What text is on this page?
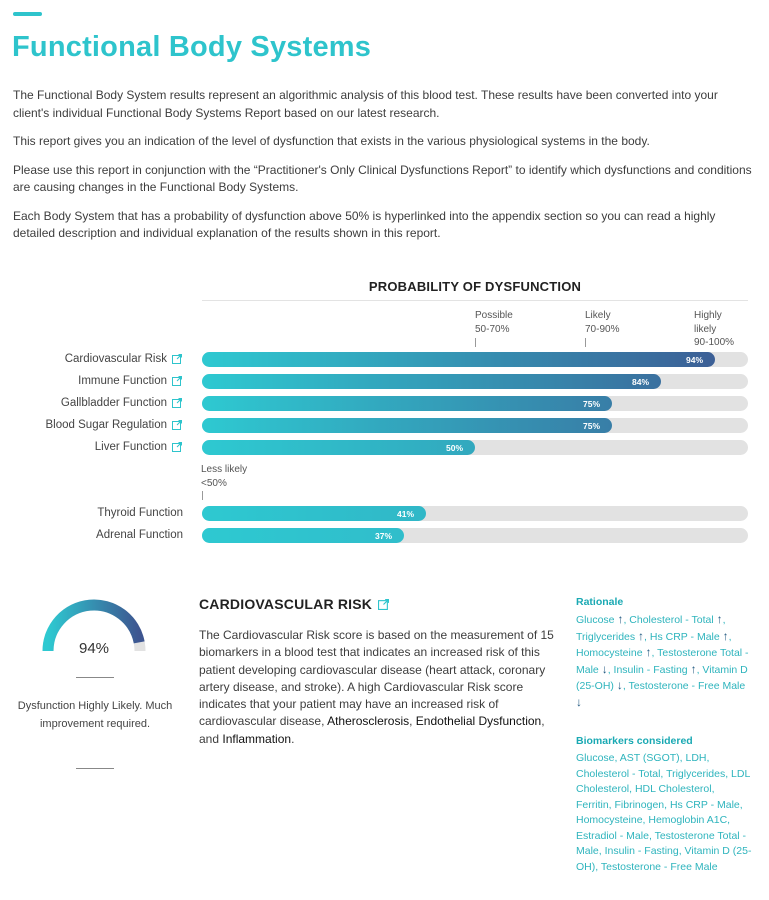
Functional Body Systems

The Functional Body System results represent an algorithmic analysis of this blood test. These results have been converted into your client's individual Functional Body Systems Report based on our latest research.

This report gives you an indication of the level of dysfunction that exists in the various physiological systems in the body.

Please use this report in conjunction with the “Practitioner's Only Clinical Dysfunctions Report” to identify which dysfunctions and conditions are causing changes in the Functional Body Systems.

Each Body System that has a probability of dysfunction above 50% is hyperlinked into the appendix section so you can read a highly detailed description and individual explanation of the results shown in this report.

PROBABILITY OF DYSFUNCTION
Possible
50-70%
Likely
70-90%
Highly
likely
90-100%
Less likely
<50%
Cardiovascular Risk	94%
Immune Function	84%
Gallbladder Function	75%
Blood Sugar Regulation	75%
Liver Function	50%
Thyroid Function	41%
Adrenal Function	37%
94%
Dysfunction Highly Likely. Much improvement required.
CARDIOVASCULAR RISK
The Cardiovascular Risk score is based on the measurement of 15 biomarkers in a blood test that indicates an increased risk of this patient developing cardiovascular disease (heart attack, coronary artery disease, and stroke). A high Cardiovascular Risk score indicates that your patient may have an increased risk of cardiovascular disease, Atherosclerosis, Endothelial Dysfunction, and Inflammation.
Rationale
Glucose ↑, Cholesterol - Total ↑, Triglycerides ↑, Hs CRP - Male ↑, Homocysteine ↑, Testosterone Total - Male ↓, Insulin - Fasting ↑, Vitamin D (25-OH) ↓, Testosterone - Free Male ↓
Biomarkers considered
Glucose, AST (SGOT), LDH, Cholesterol - Total, Triglycerides, LDL Cholesterol, HDL Cholesterol, Ferritin, Fibrinogen, Hs CRP - Male, Homocysteine, Hemoglobin A1C, Estradiol - Male, Testosterone Total - Male, Insulin - Fasting, Vitamin D (25-OH), Testosterone - Free Male
